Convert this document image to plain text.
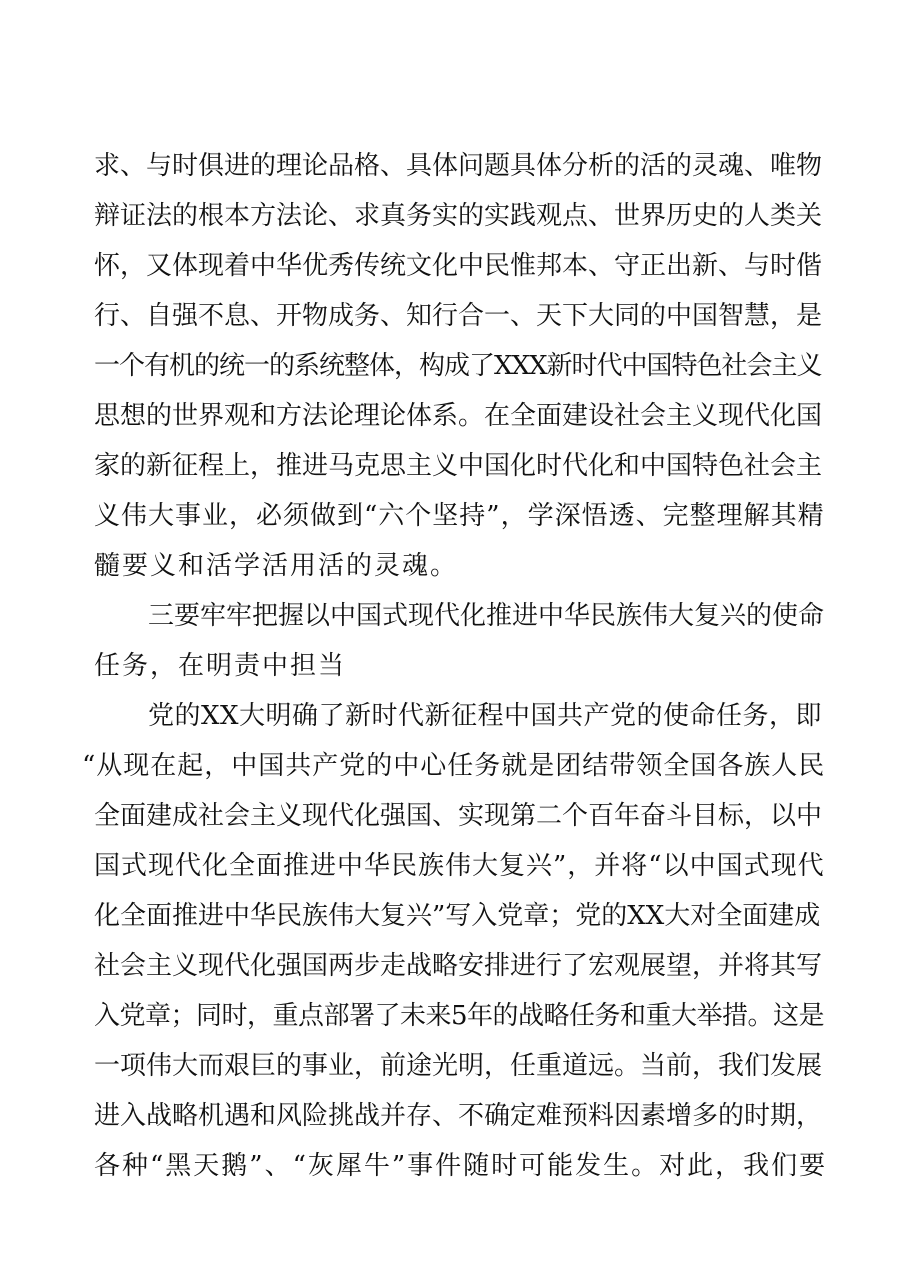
求、与时俱进的理论品格、具体问题具体分析的活的灵魂、唯物
辩证法的根本方法论、求真务实的实践观点、世界历史的人类关
怀，又体现着中华优秀传统文化中民惟邦本、守正出新、与时偕
行、自强不息、开物成务、知行合一、天下大同的中国智慧，是
一个有机的统一的系统整体，构成了XXX新时代中国特色社会主义
思想的世界观和方法论理论体系。在全面建设社会主义现代化国
家的新征程上，推进马克思主义中国化时代化和中国特色社会主
义伟大事业，必须做到“六个坚持”，学深悟透、完整理解其精
髓要义和活学活用活的灵魂。
三要牢牢把握以中国式现代化推进中华民族伟大复兴的使命
任务，在明责中担当
党的XX大明确了新时代新征程中国共产党的使命任务，即
“从现在起，中国共产党的中心任务就是团结带领全国各族人民
全面建成社会主义现代化强国、实现第二个百年奋斗目标，以中
国式现代化全面推进中华民族伟大复兴”，并将“以中国式现代
化全面推进中华民族伟大复兴”写入党章；党的XX大对全面建成
社会主义现代化强国两步走战略安排进行了宏观展望，并将其写
入党章；同时，重点部署了未来5年的战略任务和重大举措。这是
一项伟大而艰巨的事业，前途光明，任重道远。当前，我们发展
进入战略机遇和风险挑战并存、不确定难预料因素增多的时期，
各种“黑天鹅”、“灰犀牛”事件随时可能发生。对此，我们要
